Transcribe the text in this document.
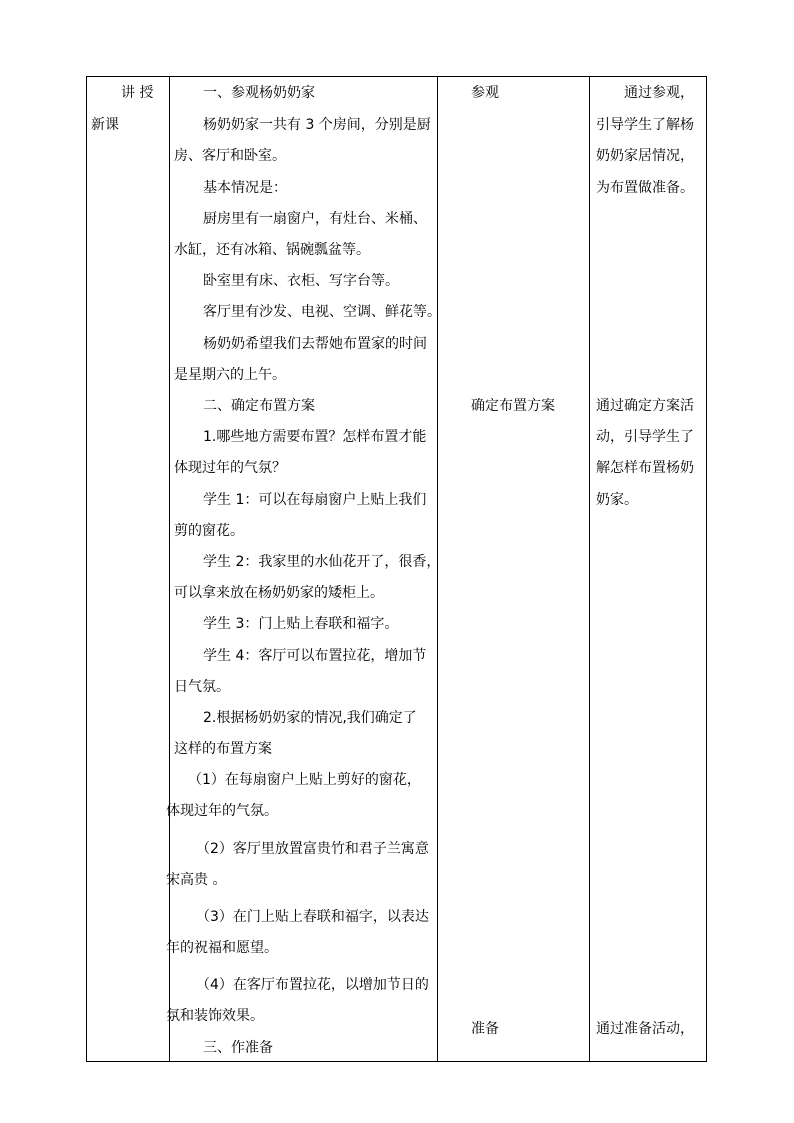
讲 授
新课
一、参观杨奶奶家
杨奶奶家一共有 3 个房间，分别是厨
房、客厅和卧室。
基本情况是：
厨房里有一扇窗户，有灶台、米桶、
水缸，还有冰箱、锅碗瓢盆等。
卧室里有床、衣柜、写字台等。
客厅里有沙发、电视、空调、鲜花等。
杨奶奶希望我们去帮她布置家的时间
是星期六的上午。
二、确定布置方案
1.哪些地方需要布置？怎样布置才能
体现过年的气氛？
学生 1：可以在每扇窗户上贴上我们
剪的窗花。
学生 2：我家里的水仙花开了，很香，
可以拿来放在杨奶奶家的矮柜上。
学生 3：门上贴上春联和福字。
学生 4：客厅可以布置拉花，增加节
日气氛。
2.根据杨奶奶家的情况,我们确定了
这样的布置方案
（1）在每扇窗户上贴上剪好的窗花，
体现过年的气氛。
（2）客厅里放置富贵竹和君子兰寓意
宋高贵 。
（3）在门上贴上春联和福字，以表达
年的祝福和愿望。
（4）在客厅布置拉花，以增加节日的
氛和装饰效果。
三、作准备
参观
确定布置方案
准备
通过参观，
引导学生了解杨
奶奶家居情况，
为布置做准备。
通过确定方案活
动，引导学生了
解怎样布置杨奶
奶家。
通过准备活动，
